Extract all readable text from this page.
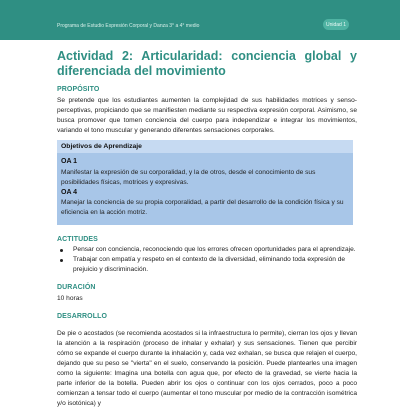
Programa de Estudio Expresión Corporal y Danza 3° a 4° medio	Unidad 1
Actividad 2: Articularidad: conciencia global y diferenciada del movimiento
PROPÓSITO
Se pretende que los estudiantes aumenten la complejidad de sus habilidades motrices y senso-perceptivas, propiciando que se manifiesten mediante su respectiva expresión corporal. Asimismo, se busca promover que tomen conciencia del cuerpo para independizar e integrar los movimientos, variando el tono muscular y generando diferentes sensaciones corporales.
Objetivos de Aprendizaje
OA 1
Manifestar la expresión de su corporalidad, y la de otros, desde el conocimiento de sus posibilidades físicas, motrices y expresivas.
OA 4
Manejar la conciencia de su propia corporalidad, a partir del desarrollo de la condición física y su eficiencia en la acción motriz.
ACTITUDES
Pensar con conciencia, reconociendo que los errores ofrecen oportunidades para el aprendizaje.
Trabajar con empatía y respeto en el contexto de la diversidad, eliminando toda expresión de prejuicio y discriminación.
DURACIÓN
10 horas
DESARROLLO
De pie o acostados (se recomienda acostados si la infraestructura lo permite), cierran los ojos y llevan la atención a la respiración (proceso de inhalar y exhalar) y sus sensaciones. Tienen que percibir cómo se expande el cuerpo durante la inhalación y, cada vez exhalan, se busca que relajen el cuerpo, dejando que su peso se "vierta" en el suelo, conservando la posición. Puede plantearles una imagen como la siguiente: Imagina una botella con agua que, por efecto de la gravedad, se vierte hacia la parte inferior de la botella. Pueden abrir los ojos o continuar con los ojos cerrados, poco a poco comienzan a tensar todo el cuerpo (aumentar el tono muscular por medio de la contracción isométrica y/o isotónica) y
